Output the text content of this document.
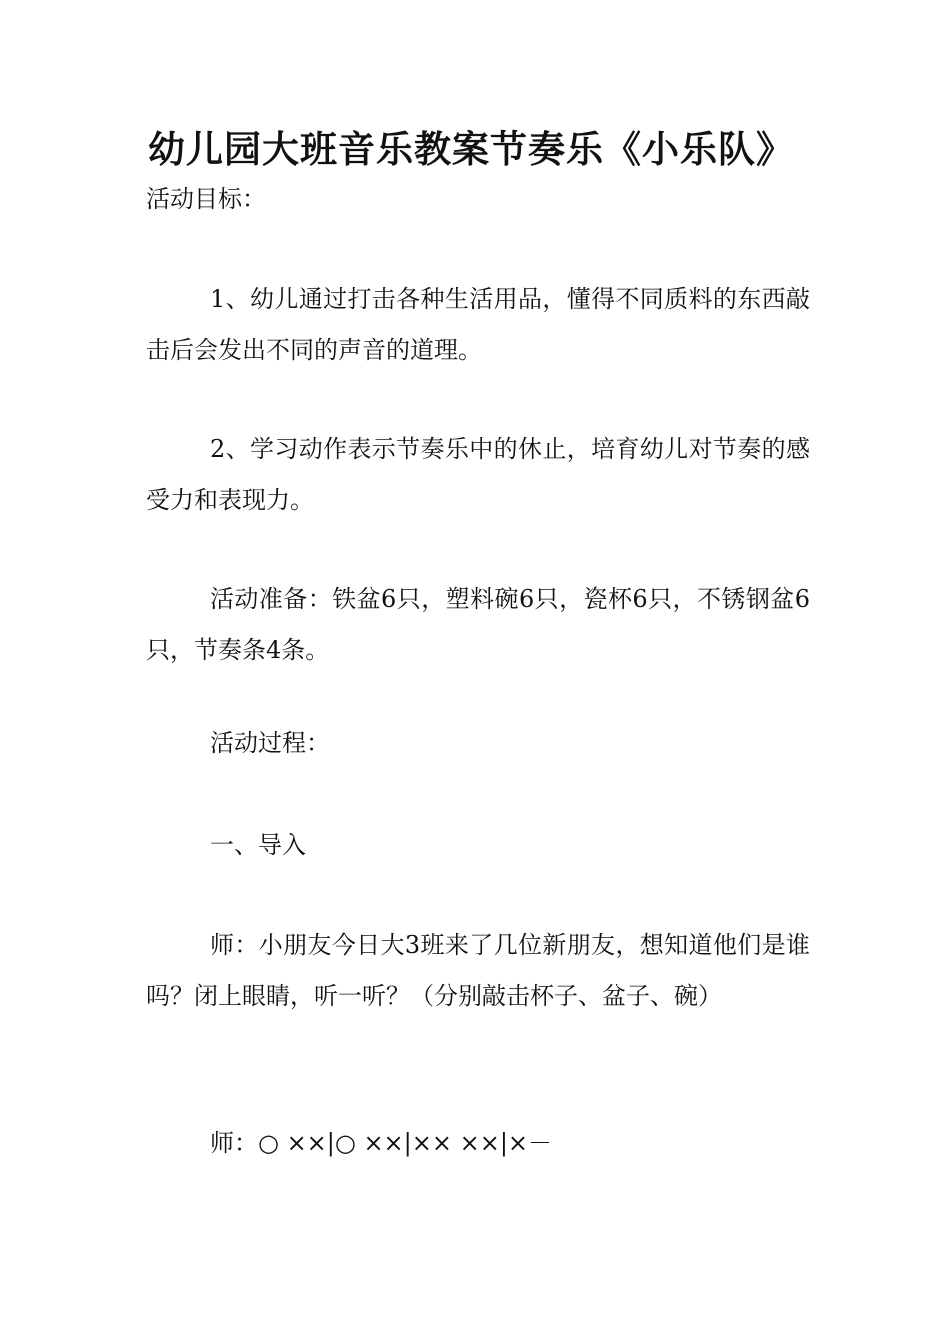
幼儿园大班音乐教案节奏乐《小乐队》

活动目标：

1、幼儿通过打击各种生活用品，懂得不同质料的东西敲击后会发出不同的声音的道理。

2、学习动作表示节奏乐中的休止，培育幼儿对节奏的感受力和表现力。

活动准备：铁盆6只，塑料碗6只，瓷杯6只，不锈钢盆6只，节奏条4条。

活动过程：

一、导入

师：小朋友今日大3班来了几位新朋友，想知道他们是谁吗？闭上眼睛，听一听？（分别敲击杯子、盆子、碗）

师：○ ××|○ ××|×× ××|×－
